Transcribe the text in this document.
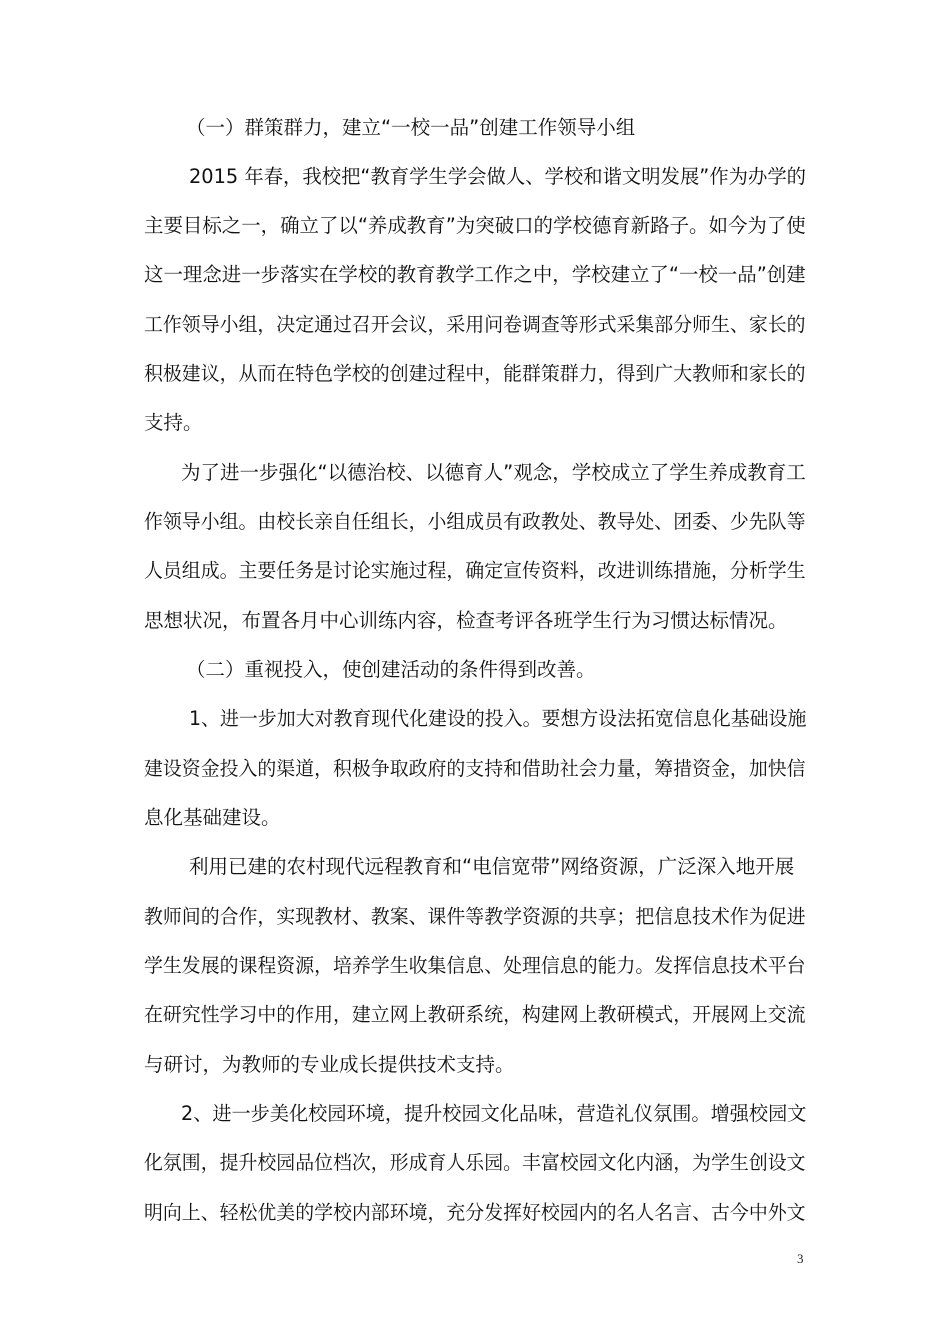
（一）群策群力，建立“一校一品”创建工作领导小组
2015 年春，我校把“教育学生学会做人、学校和谐文明发展”作为办学的
主要目标之一，确立了以“养成教育”为突破口的学校德育新路子。如今为了使
这一理念进一步落实在学校的教育教学工作之中，学校建立了“一校一品”创建
工作领导小组，决定通过召开会议，采用问卷调查等形式采集部分师生、家长的
积极建议，从而在特色学校的创建过程中，能群策群力，得到广大教师和家长的
支持。
为了进一步强化“以德治校、以德育人”观念，学校成立了学生养成教育工
作领导小组。由校长亲自任组长，小组成员有政教处、教导处、团委、少先队等
人员组成。主要任务是讨论实施过程，确定宣传资料，改进训练措施，分析学生
思想状况，布置各月中心训练内容，检查考评各班学生行为习惯达标情况。
（二）重视投入，使创建活动的条件得到改善。
1、进一步加大对教育现代化建设的投入。要想方设法拓宽信息化基础设施
建设资金投入的渠道，积极争取政府的支持和借助社会力量，筹措资金，加快信
息化基础建设。
利用已建的农村现代远程教育和“电信宽带”网络资源，广泛深入地开展
教师间的合作，实现教材、教案、课件等教学资源的共享；把信息技术作为促进
学生发展的课程资源，培养学生收集信息、处理信息的能力。发挥信息技术平台
在研究性学习中的作用，建立网上教研系统，构建网上教研模式，开展网上交流
与研讨，为教师的专业成长提供技术支持。
2、进一步美化校园环境，提升校园文化品味，营造礼仪氛围。增强校园文
化氛围，提升校园品位档次，形成育人乐园。丰富校园文化内涵，为学生创设文
明向上、轻松优美的学校内部环境，充分发挥好校园内的名人名言、古今中外文
3
